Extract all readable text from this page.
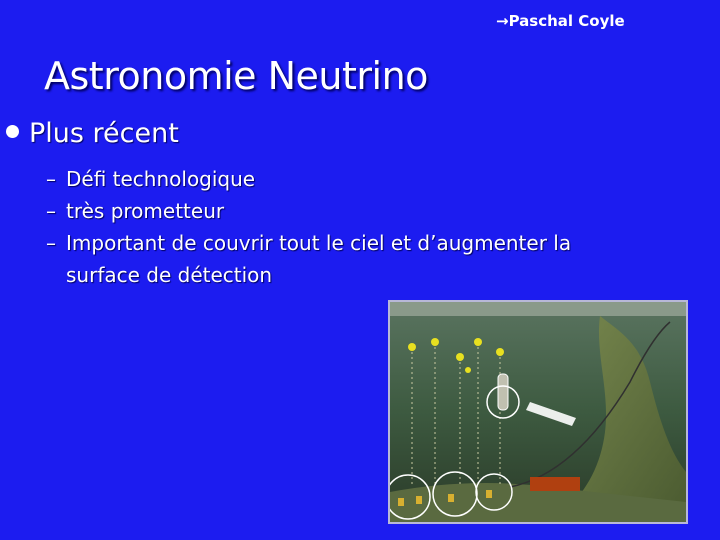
→Paschal Coyle
Astronomie Neutrino
Plus récent
– Défi technologique
– très prometteur
– Important de couvrir tout le ciel et d’augmenter la
surface de détection
